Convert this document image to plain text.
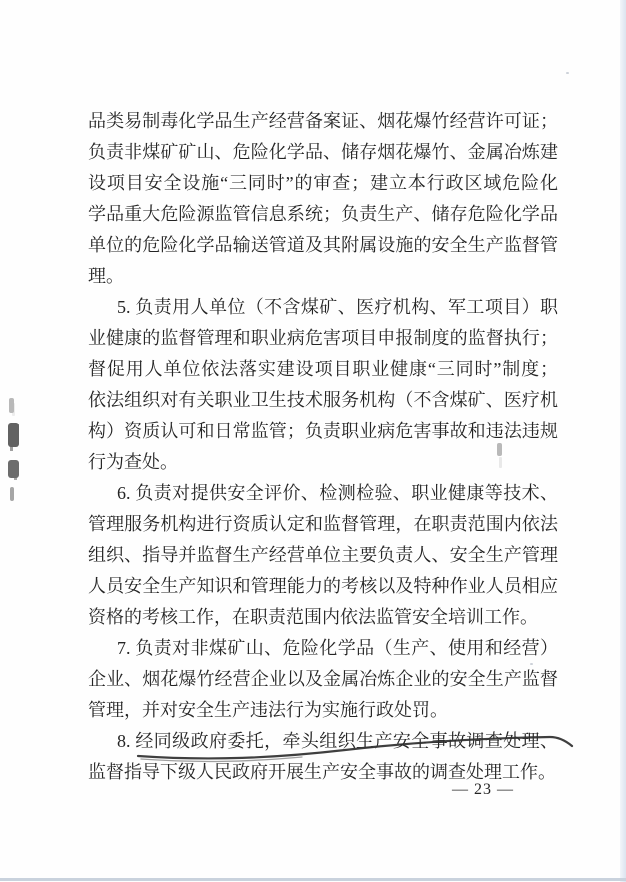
品类易制毒化学品生产经营备案证、烟花爆竹经营许可证；
负责非煤矿矿山、危险化学品、储存烟花爆竹、金属冶炼建
设项目安全设施“三同时”的审查；建立本行政区域危险化
学品重大危险源监管信息系统；负责生产、储存危险化学品
单位的危险化学品输送管道及其附属设施的安全生产监督管
理。
5. 负责用人单位（不含煤矿、医疗机构、军工项目）职
业健康的监督管理和职业病危害项目申报制度的监督执行；
督促用人单位依法落实建设项目职业健康“三同时”制度；
依法组织对有关职业卫生技术服务机构（不含煤矿、医疗机
构）资质认可和日常监管；负责职业病危害事故和违法违规
行为查处。
6. 负责对提供安全评价、检测检验、职业健康等技术、
管理服务机构进行资质认定和监督管理，在职责范围内依法
组织、指导并监督生产经营单位主要负责人、安全生产管理
人员安全生产知识和管理能力的考核以及特种作业人员相应
资格的考核工作，在职责范围内依法监管安全培训工作。
7. 负责对非煤矿山、危险化学品（生产、使用和经营）
企业、烟花爆竹经营企业以及金属冶炼企业的安全生产监督
管理，并对安全生产违法行为实施行政处罚。
8. 经同级政府委托，牵头组织生产安全事故调查处理、
监督指导下级人民政府开展生产安全事故的调查处理工作。
— 23 —
